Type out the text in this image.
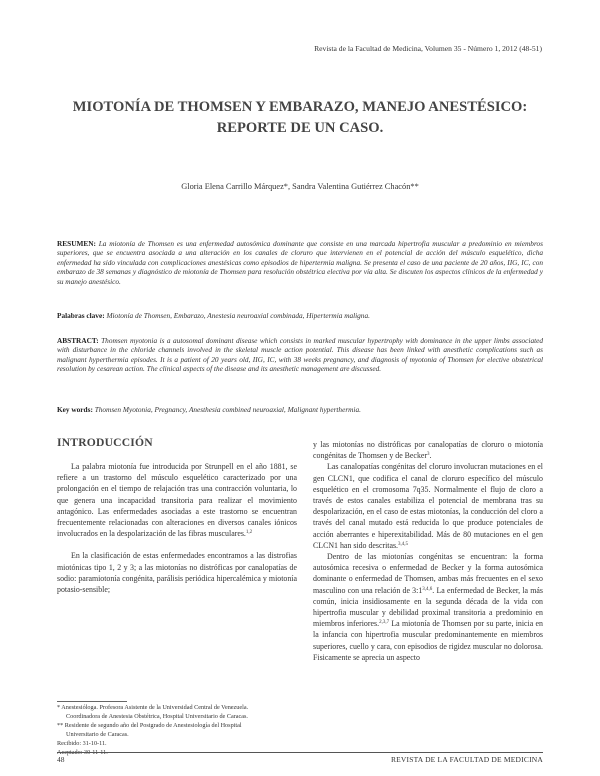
Revista de la Facultad de Medicina, Volumen 35 - Número 1, 2012 (48-51)
MIOTONÍA DE THOMSEN Y EMBARAZO, MANEJO ANESTÉSICO:
REPORTE DE UN CASO.
Gloria Elena Carrillo Márquez*, Sandra Valentina Gutiérrez Chacón**
RESUMEN: La miotonía de Thomsen es una enfermedad autosómica dominante que consiste en una marcada hipertrofia muscular a predominio en miembros superiores, que se encuentra asociada a una alteración en los canales de cloruro que intervienen en el potencial de acción del músculo esquelético, dicha enfermedad ha sido vinculada con complicaciones anestésicas como episodios de hipertermia maligna. Se presenta el caso de una paciente de 20 años, IIG, IC, con embarazo de 38 semanas y diagnóstico de miotonía de Thomsen para resolución obstétrica electiva por vía alta. Se discuten los aspectos clínicos de la enfermedad y su manejo anestésico.
Palabras clave: Miotonía de Thomsen, Embarazo, Anestesia neuroaxial combinada, Hipertermia maligna.
ABSTRACT: Thomsen myotonia is a autosomal dominant disease which consists in marked muscular hypertrophy with dominance in the upper limbs associated with disturbance in the chloride channels involved in the skeletal muscle action potential. This disease has been linked with anesthetic complications such as malignant hyperthermia episodes. It is a patient of 20 years old, IIG, IC, with 38 weeks pregnancy, and diagnosis of myotonia of Thomsen for elective obstetrical resolution by cesarean action. The clinical aspects of the disease and its anesthetic management are discussed.
Key words: Thomsen Myotonia, Pregnancy, Anesthesia combined neuroaxial, Malignant hyperthermia.
INTRODUCCIÓN

La palabra miotonía fue introducida por Strunpell en el año 1881, se refiere a un trastorno del músculo esquelético caracterizado por una prolongación en el tiempo de relajación tras una contracción voluntaria, lo que genera una incapacidad transitoria para realizar el movimiento antagónico. Las enfermedades asociadas a este trastorno se encuentran frecuentemente relacionadas con alteraciones en diversos canales iónicos involucrados en la despolarización de las fibras musculares.$^{1,2}$

En la clasificación de estas enfermedades encontramos a las distrofias miotónicas tipo 1, 2 y 3; a las miotonías no distróficas por canalopatías de sodio: paramiotonía congénita, parálisis periódica hipercalémica y miotonía potasio-sensible;

y las miotonías no distróficas por canalopatías de cloruro o miotonía congénitas de Thomsen y de Becker$^3$.

Las canalopatías congénitas del cloruro involucran mutaciones en el gen CLCN1, que codifica el canal de cloruro específico del músculo esquelético en el cromosoma 7q35. Normalmente el flujo de cloro a través de estos canales estabiliza el potencial de membrana tras su despolarización, en el caso de estas miotonías, la conducción del cloro a través del canal mutado está reducida lo que produce potenciales de acción aberrantes e hiperexitabilidad. Más de 80 mutaciones en el gen CLCN1 han sido descritas.$^{3,4,5}$

Dentro de las miotonías congénitas se encuentran: la forma autosómica recesiva o enfermedad de Becker y la forma autosómica dominante o enfermedad de Thomsen, ambas más frecuentes en el sexo masculino con una relación de 3:1$^{3,4,6}$. La enfermedad de Becker, la más común, inicia insidiosamente en la segunda década de la vida con hipertrofia muscular y debilidad proximal transitoria a predominio en miembros inferiores.$^{2,3,7}$ La miotonía de Thomsen por su parte, inicia en la infancia con hipertrofia muscular predominantemente en miembros superiores, cuello y cara, con episodios de rigidez muscular no dolorosa. Fisicamente se aprecia un aspecto

* Anestesióloga. Profesora Asistente de la Universidad Central de Venezuela.

Coordinadora de Anestesia Obstétrica, Hospital Universitario de Caracas.

** Residente de segundo año del Postgrado de Anestesiología del Hospital

Universitario de Caracas.

Recibido: 31-10-11.

Aceptado: 30-11-11.

48	REVISTA DE LA FACULTAD DE MEDICINA
